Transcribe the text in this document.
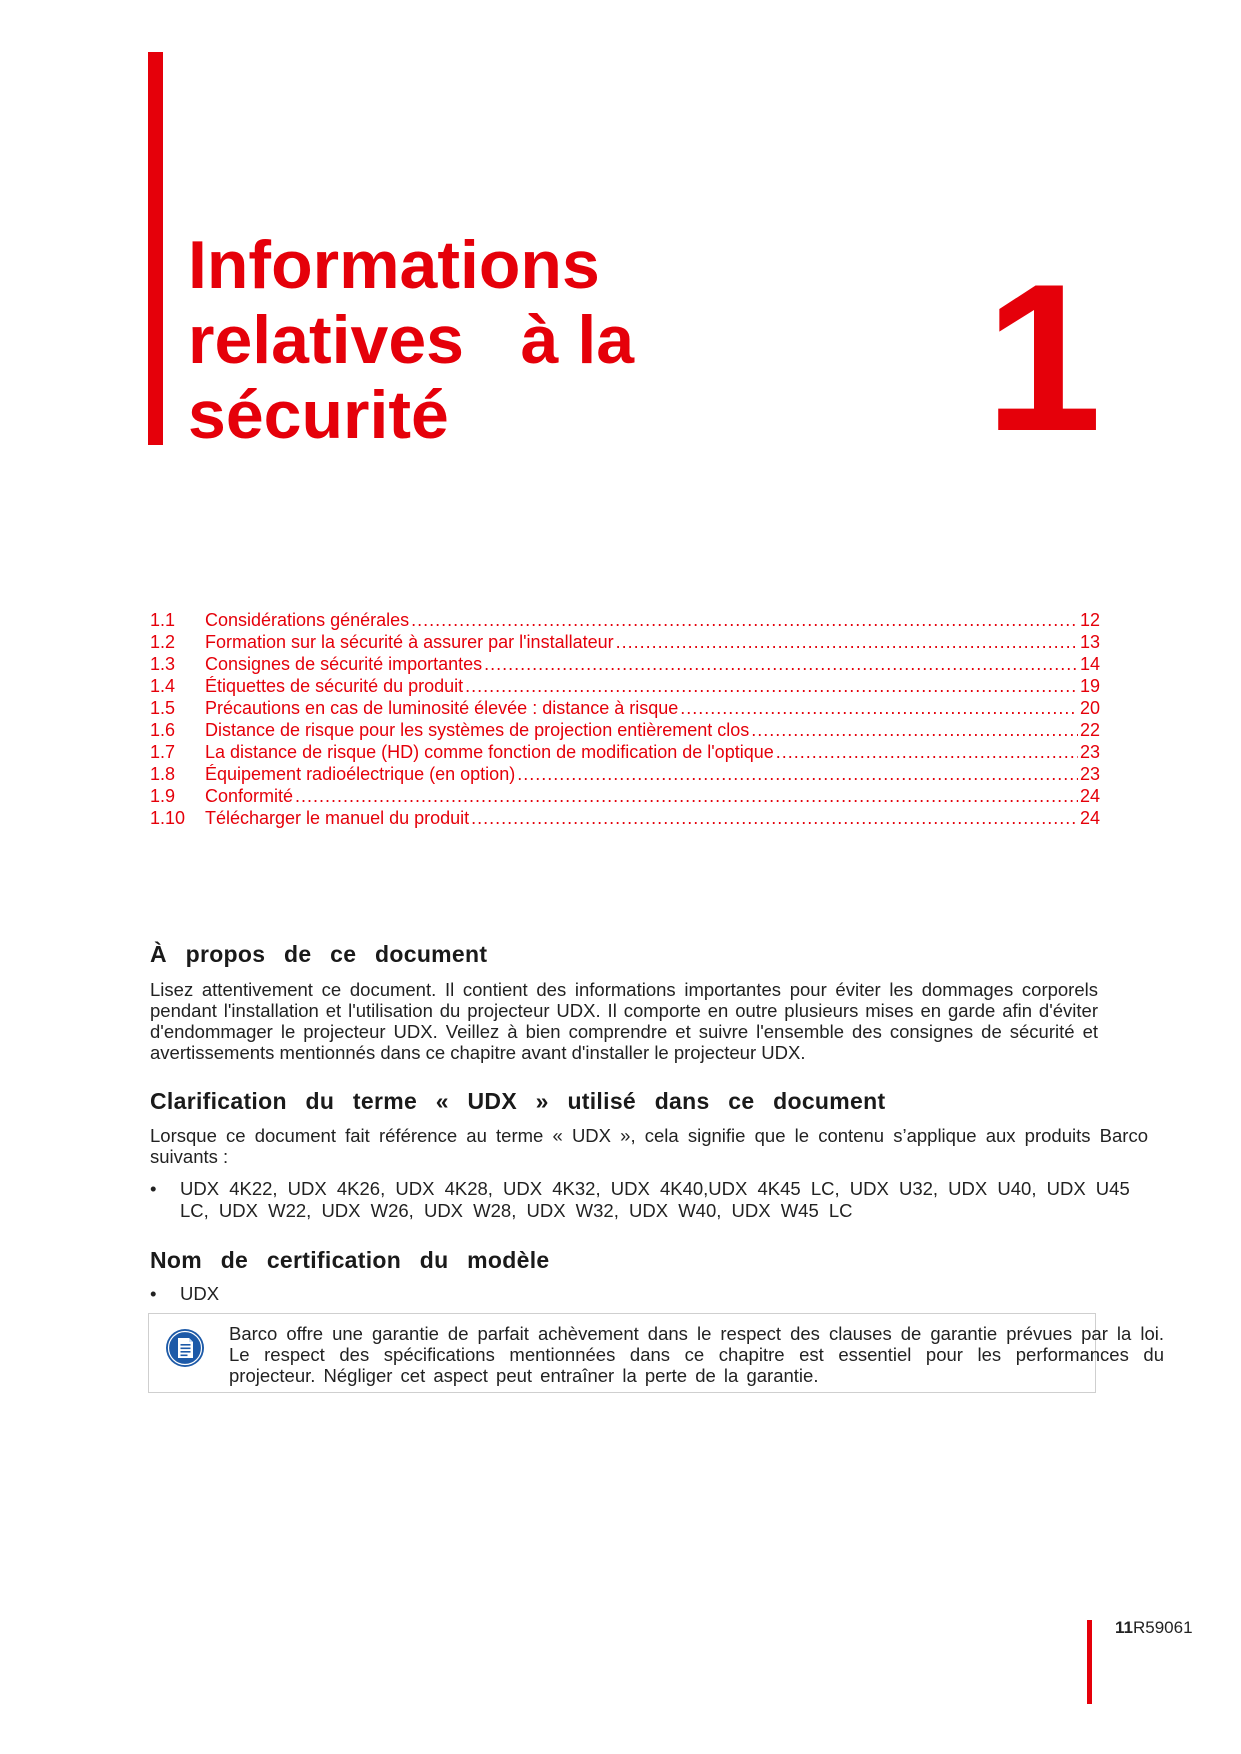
Informations
relatives   à la
sécurité	1
1.1	Considérations générales .....	12
1.2	Formation sur la sécurité à assurer par l'installateur .....	13
1.3	Consignes de sécurité importantes .....	14
1.4	Étiquettes de sécurité du produit .....	19
1.5	Précautions en cas de luminosité élevée : distance à risque .....	20
1.6	Distance de risque pour les systèmes de projection entièrement clos .....	22
1.7	La distance de risque (HD) comme fonction de modification de l'optique .....	23
1.8	Équipement radioélectrique (en option) .....	23
1.9	Conformité .....	24
1.10	Télécharger le manuel du produit .....	24
À propos de ce document

Lisez attentivement ce document. Il contient des informations importantes pour éviter les dommages corporels pendant l'installation et l'utilisation du projecteur UDX. Il comporte en outre plusieurs mises en garde afin d'éviter d'endommager le projecteur UDX. Veillez à bien comprendre et suivre l'ensemble des consignes de sécurité et avertissements mentionnés dans ce chapitre avant d'installer le projecteur UDX.

Clarification du terme « UDX » utilisé dans ce document

Lorsque ce document fait référence au terme « UDX », cela signifie que le contenu s’applique aux produits Barco suivants :

• UDX 4K22, UDX 4K26, UDX 4K28, UDX 4K32, UDX 4K40,UDX 4K45 LC, UDX U32, UDX U40, UDX U45 LC, UDX W22, UDX W26, UDX W28, UDX W32, UDX W40, UDX W45 LC
Nom de certification du modèle
• UDX

Barco offre une garantie de parfait achèvement dans le respect des clauses de garantie prévues par la loi. Le respect des spécifications mentionnées dans ce chapitre est essentiel pour les performances du projecteur. Négliger cet aspect peut entraîner la perte de la garantie.

11R59061
